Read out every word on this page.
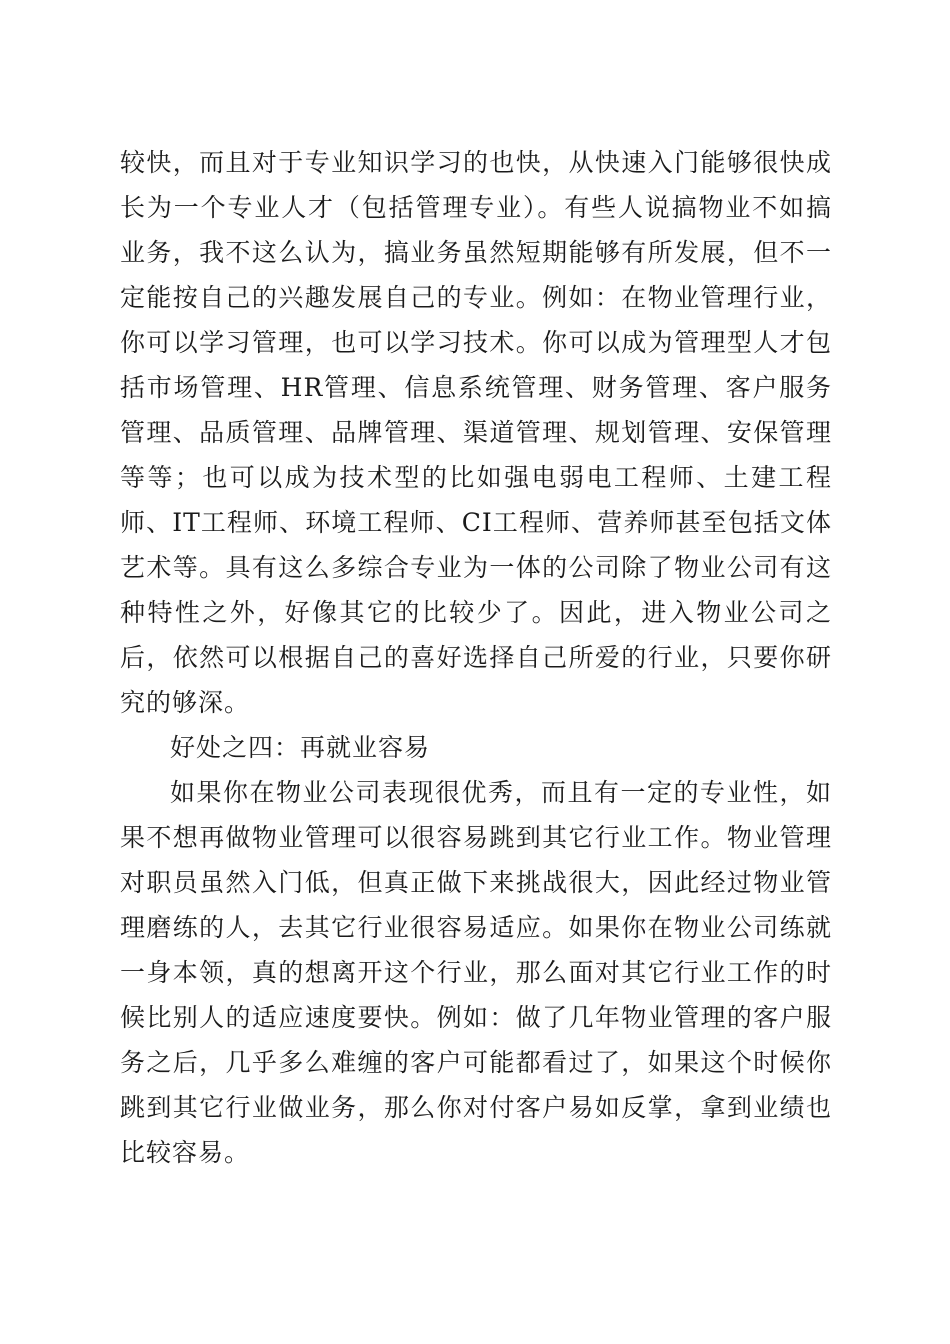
较快，而且对于专业知识学习的也快，从快速入门能够很快成长为一个专业人才（包括管理专业）。有些人说搞物业不如搞业务，我不这么认为，搞业务虽然短期能够有所发展，但不一定能按自己的兴趣发展自己的专业。例如：在物业管理行业，你可以学习管理，也可以学习技术。你可以成为管理型人才包括市场管理、HR管理、信息系统管理、财务管理、客户服务管理、品质管理、品牌管理、渠道管理、规划管理、安保管理等等；也可以成为技术型的比如强电弱电工程师、土建工程师、IT工程师、环境工程师、CI工程师、营养师甚至包括文体艺术等。具有这么多综合专业为一体的公司除了物业公司有这种特性之外，好像其它的比较少了。因此，进入物业公司之后，依然可以根据自己的喜好选择自己所爱的行业，只要你研究的够深。

好处之四：再就业容易

如果你在物业公司表现很优秀，而且有一定的专业性，如果不想再做物业管理可以很容易跳到其它行业工作。物业管理对职员虽然入门低，但真正做下来挑战很大，因此经过物业管理磨练的人，去其它行业很容易适应。如果你在物业公司练就一身本领，真的想离开这个行业，那么面对其它行业工作的时候比别人的适应速度要快。例如：做了几年物业管理的客户服务之后，几乎多么难缠的客户可能都看过了，如果这个时候你跳到其它行业做业务，那么你对付客户易如反掌，拿到业绩也比较容易。
